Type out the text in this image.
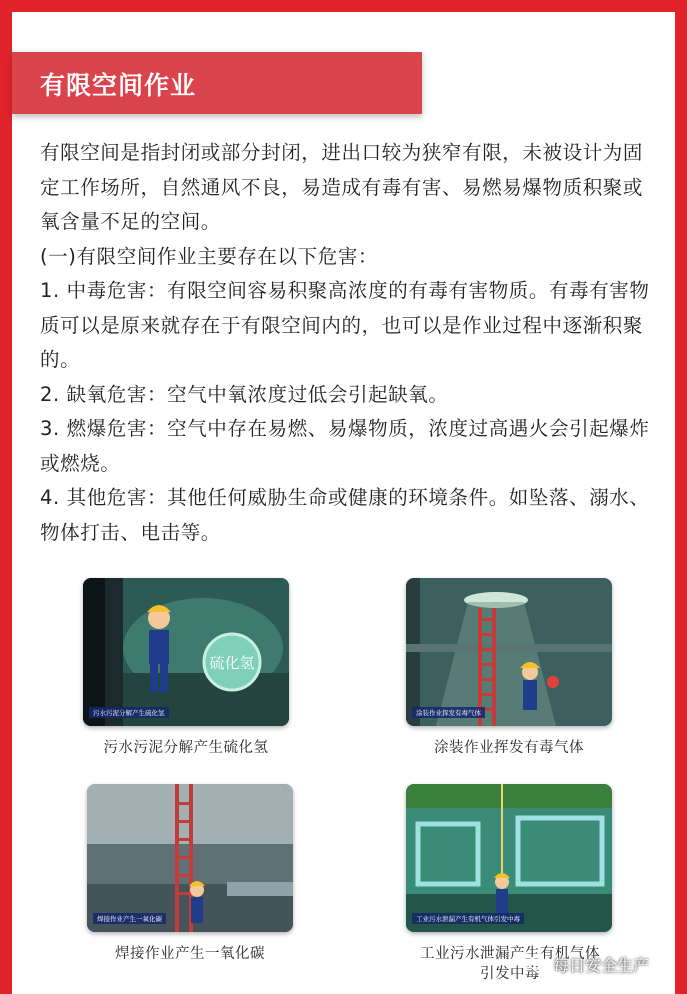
有限空间作业

有限空间是指封闭或部分封闭，进出口较为狭窄有限，未被设计为固定工作场所，自然通风不良，易造成有毒有害、易燃易爆物质积聚或氧含量不足的空间。

(一)有限空间作业主要存在以下危害：

1. 中毒危害：有限空间容易积聚高浓度的有毒有害物质。有毒有害物质可以是原来就存在于有限空间内的，也可以是作业过程中逐渐积聚的。

2. 缺氧危害：空气中氧浓度过低会引起缺氧。

3. 燃爆危害：空气中存在易燃、易爆物质，浓度过高遇火会引起爆炸或燃烧。

4. 其他危害：其他任何威胁生命或健康的环境条件。如坠落、溺水、物体打击、电击等。

硫化氢
污水污泥分解产生硫化氢
污水污泥分解产生硫化氢
涂装作业挥发有毒气体
涂装作业挥发有毒气体
焊接作业产生一氧化碳
焊接作业产生一氧化碳
工业污水泄漏产生有机气体引发中毒
工业污水泄漏产生有机气体引发中毒 每日安全生产
